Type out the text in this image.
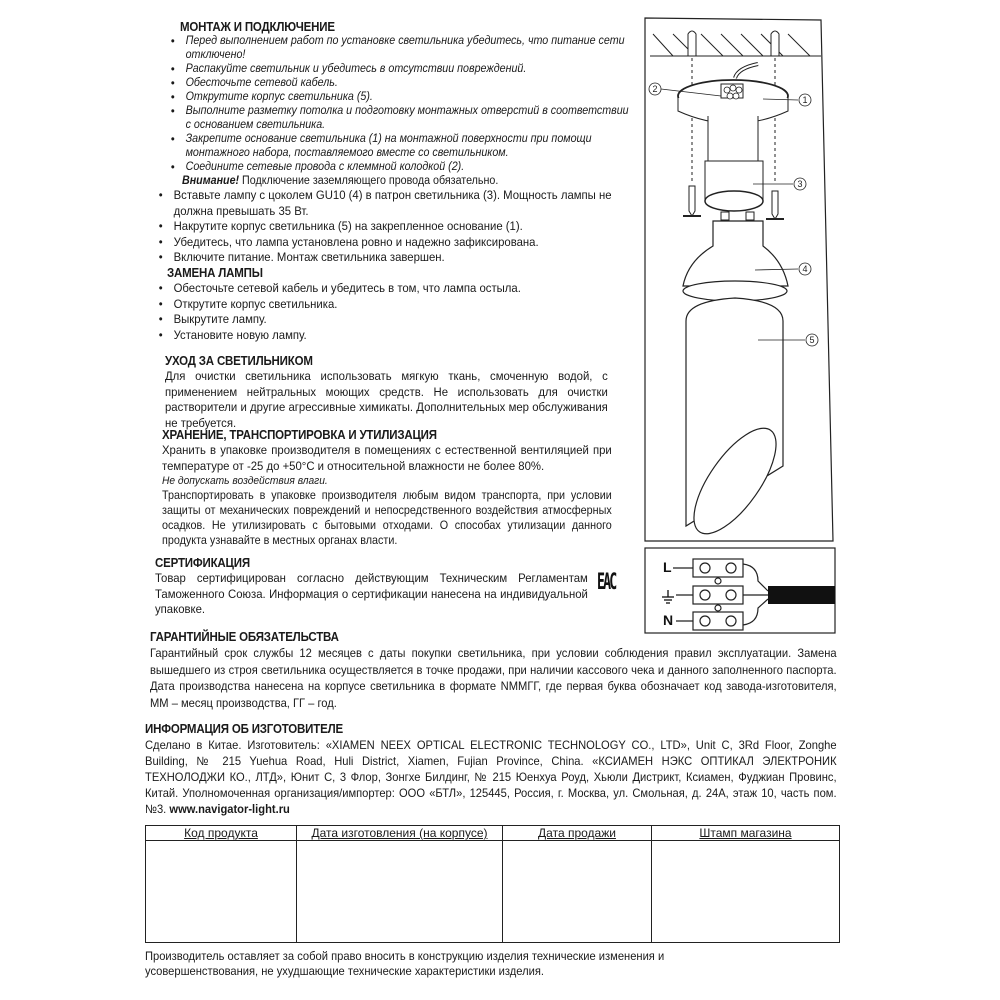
МОНТАЖ И ПОДКЛЮЧЕНИЕ

• Перед выполнением работ по установке светильника убедитесь, что питание сети отключено!
• Распакуйте светильник и убедитесь в отсутствии повреждений.
• Обесточьте сетевой кабель.
• Открутите корпус светильника (5).
• Выполните разметку потолка и подготовку монтажных отверстий в соответствии с основанием светильника.
• Закрепите основание светильника (1) на монтажной поверхности при помощи монтажного набора, поставляемого вместе со светильником.
• Соедините сетевые провода с клеммной колодкой (2).

Внимание! Подключение заземляющего провода обязательно.

• Вставьте лампу с цоколем GU10 (4) в патрон светильника (3). Мощность лампы не должна превышать 35 Вт.
• Накрутите корпус светильника (5) на закрепленное основание (1).
• Убедитесь, что лампа установлена ровно и надежно зафиксирована.
• Включите питание. Монтаж светильника завершен.

ЗАМЕНА ЛАМПЫ

• Обесточьте сетевой кабель и убедитесь в том, что лампа остыла.
• Открутите корпус светильника.
• Выкрутите лампу.
• Установите новую лампу.

УХОД ЗА СВЕТИЛЬНИКОМ

Для очистки светильника использовать мягкую ткань, смоченную водой, с применением нейтральных моющих средств. Не использовать для очистки растворители и другие агрессивные химикаты. Дополнительных мер обслуживания не требуется.

ХРАНЕНИЕ, ТРАНСПОРТИРОВКА И УТИЛИЗАЦИЯ

Хранить в упаковке производителя в помещениях с естественной вентиляцией при температуре от -25 до +50°С и относительной влажности не более 80%.

Не допускать воздействия влаги.

Транспортировать в упаковке производителя любым видом транспорта, при условии защиты от механических повреждений и непосредственного воздействия атмосферных осадков. Не утилизировать с бытовыми отходами. О способах утилизации данного продукта узнавайте в местных органах власти.

СЕРТИФИКАЦИЯ

Товар сертифицирован согласно действующим Техническим Регламентам Таможенного Союза. Информация о сертификации нанесена на индивидуальной упаковке.

EAC

ГАРАНТИЙНЫЕ ОБЯЗАТЕЛЬСТВА

Гарантийный срок службы 12 месяцев с даты покупки светильника, при условии соблюдения правил эксплуатации. Замена вышедшего из строя светильника осуществляется в точке продажи, при наличии кассового чека и данного заполненного паспорта. Дата производства нанесена на корпусе светильника в формате NMMГГ, где первая буква обозначает код завода-изготовителя, ММ – месяц производства, ГГ – год.

ИНФОРМАЦИЯ ОБ ИЗГОТОВИТЕЛЕ

Сделано в Китае. Изготовитель: «XIAMEN NEEX OPTICAL ELECTRONIC TECHNOLOGY CO., LTD», Unit C, 3Rd Floor, Zonghe Building, № 215 Yuehua Road, Huli District, Xiamen, Fujian Province, China. «КСИАМЕН НЭКС ОПТИКАЛ ЭЛЕКТРОНИК ТЕХНОЛОДЖИ КО., ЛТД», Юнит С, 3 Флор, Зонгхе Билдинг, № 215 Юенхуа Роуд, Хьюли Дистрикт, Ксиамен, Фуджиан Провинс, Китай. Уполномоченная организация/импортер: ООО «БТЛ», 125445, Россия, г. Москва, ул. Смольная, д. 24А, этаж 10, часть пом. №3. www.navigator-light.ru

Код продукта	Дата изготовления (на корпусе)	Дата продажи	Штамп магазина

Производитель оставляет за собой право вносить в конструкцию изделия технические изменения и усовершенствования, не ухудшающие технические характеристики изделия.
2
1
3
4
5
L
N
